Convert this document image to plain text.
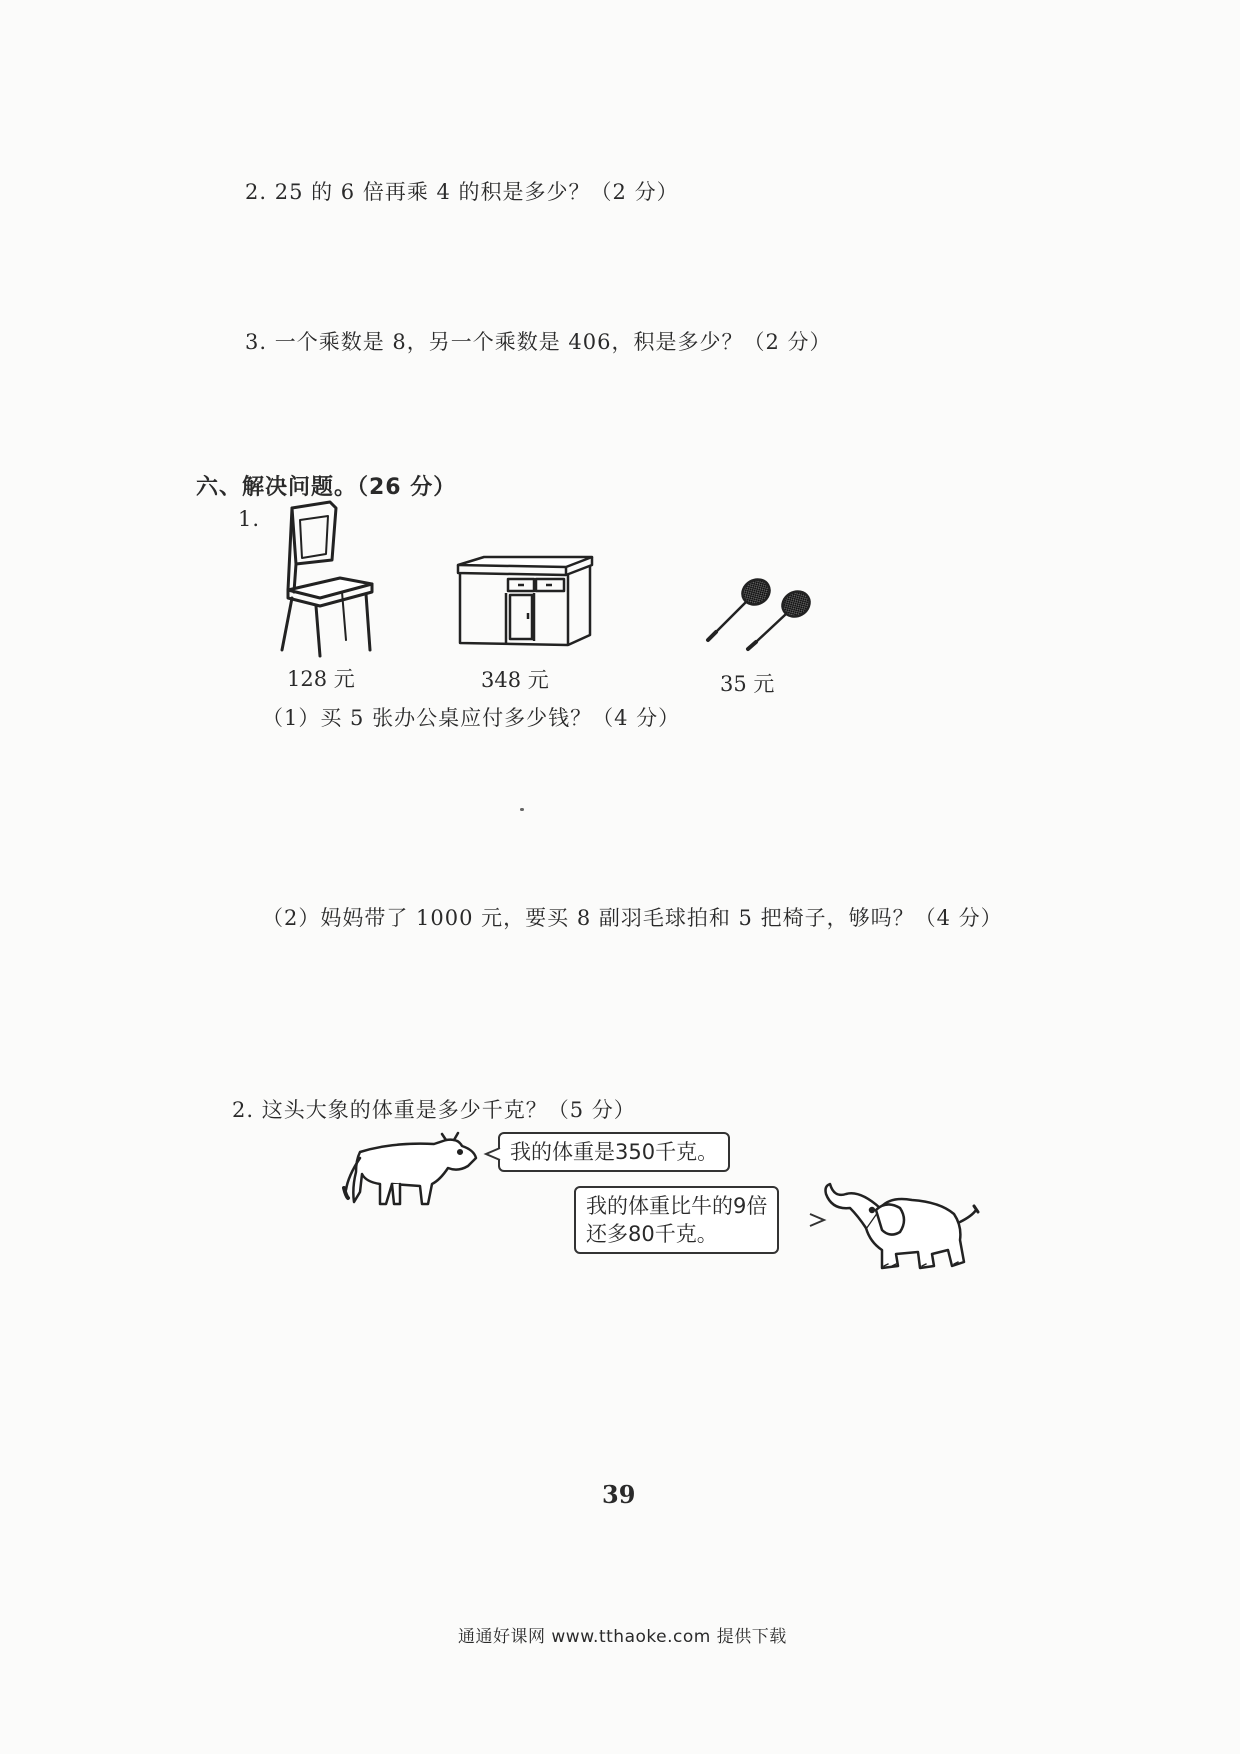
2. 25 的 6 倍再乘 4 的积是多少？（2 分）
3. 一个乘数是 8，另一个乘数是 406，积是多少？（2 分）
六、解决问题。（26 分）
1.
128 元	348 元	35 元
（1）买 5 张办公桌应付多少钱？（4 分）
（2）妈妈带了 1000 元，要买 8 副羽毛球拍和 5 把椅子，够吗？（4 分）
2. 这头大象的体重是多少千克？（5 分）
我的体重是350千克。
我的体重比牛的9倍
还多80千克。
39
通通好课网 www.tthaoke.com 提供下载
